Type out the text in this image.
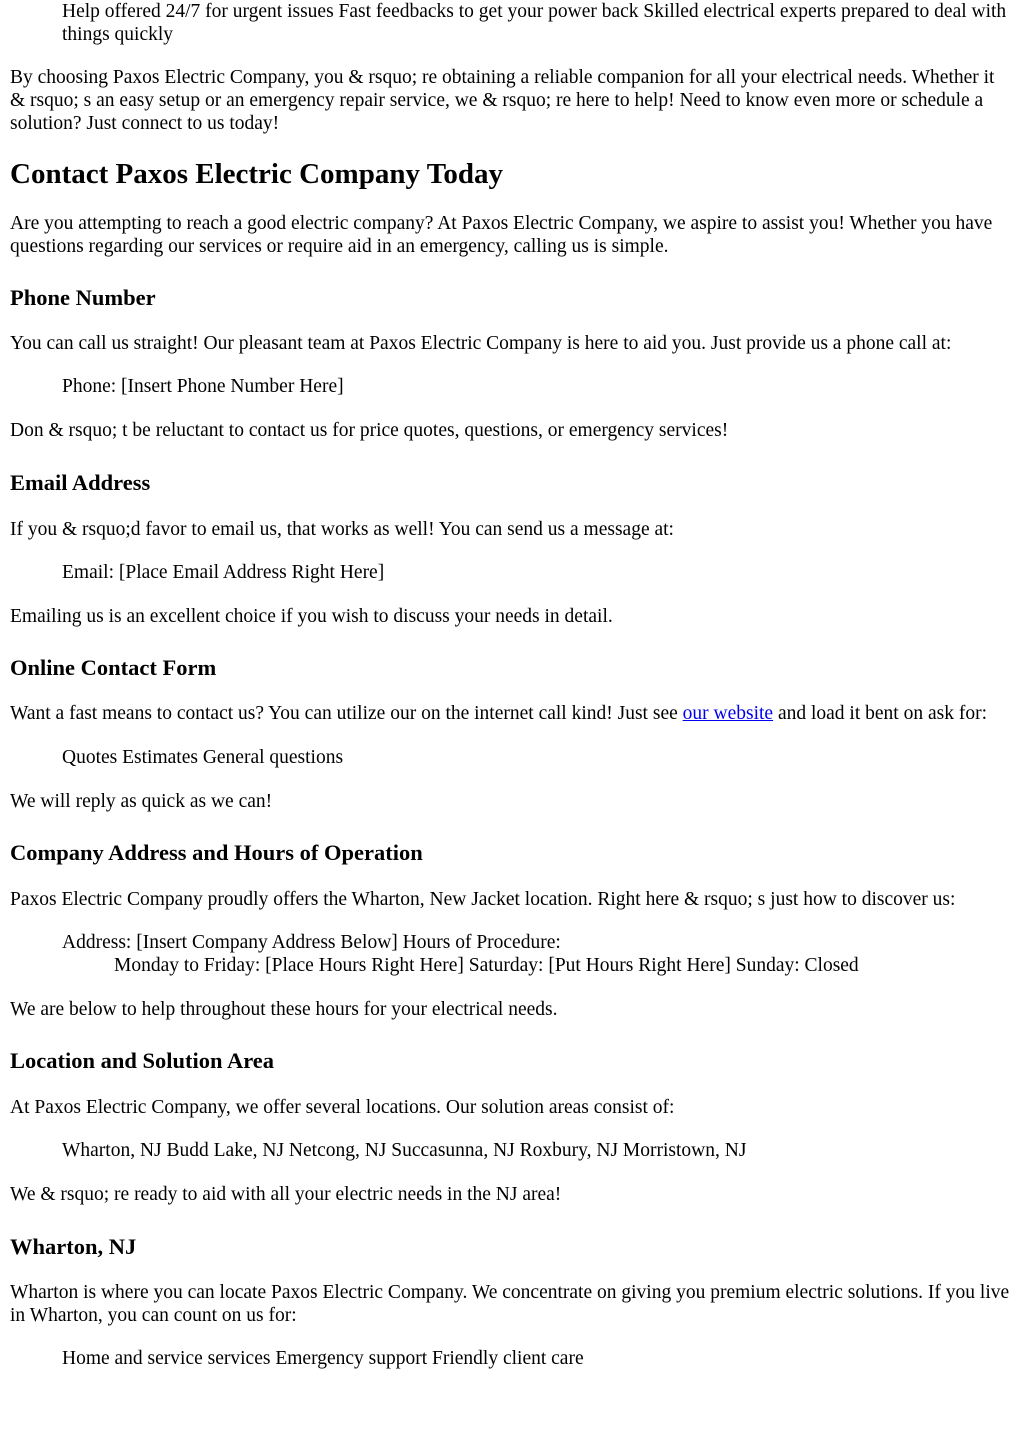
Help offered 24/7 for urgent issues Fast feedbacks to get your power back Skilled electrical experts prepared to deal with things quickly

By choosing Paxos Electric Company, you & rsquo; re obtaining a reliable companion for all your electrical needs. Whether it & rsquo; s an easy setup or an emergency repair service, we & rsquo; re here to help! Need to know even more or schedule a solution? Just connect to us today!

Contact Paxos Electric Company Today

Are you attempting to reach a good electric company? At Paxos Electric Company, we aspire to assist you! Whether you have questions regarding our services or require aid in an emergency, calling us is simple.

Phone Number

You can call us straight! Our pleasant team at Paxos Electric Company is here to aid you. Just provide us a phone call at:

Phone: [Insert Phone Number Here]

Don & rsquo; t be reluctant to contact us for price quotes, questions, or emergency services!

Email Address

If you & rsquo;d favor to email us, that works as well! You can send us a message at:

Email: [Place Email Address Right Here]

Emailing us is an excellent choice if you wish to discuss your needs in detail.

Online Contact Form

Want a fast means to contact us? You can utilize our on the internet call kind! Just see our website and load it bent on ask for:

Quotes Estimates General questions

We will reply as quick as we can!

Company Address and Hours of Operation

Paxos Electric Company proudly offers the Wharton, New Jacket location. Right here & rsquo; s just how to discover us:

Address: [Insert Company Address Below] Hours of Procedure:

Monday to Friday: [Place Hours Right Here] Saturday: [Put Hours Right Here] Sunday: Closed

We are below to help throughout these hours for your electrical needs.

Location and Solution Area

At Paxos Electric Company, we offer several locations. Our solution areas consist of:

Wharton, NJ Budd Lake, NJ Netcong, NJ Succasunna, NJ Roxbury, NJ Morristown, NJ

We & rsquo; re ready to aid with all your electric needs in the NJ area!

Wharton, NJ

Wharton is where you can locate Paxos Electric Company. We concentrate on giving you premium electric solutions. If you live in Wharton, you can count on us for:

Home and service services Emergency support Friendly client care
